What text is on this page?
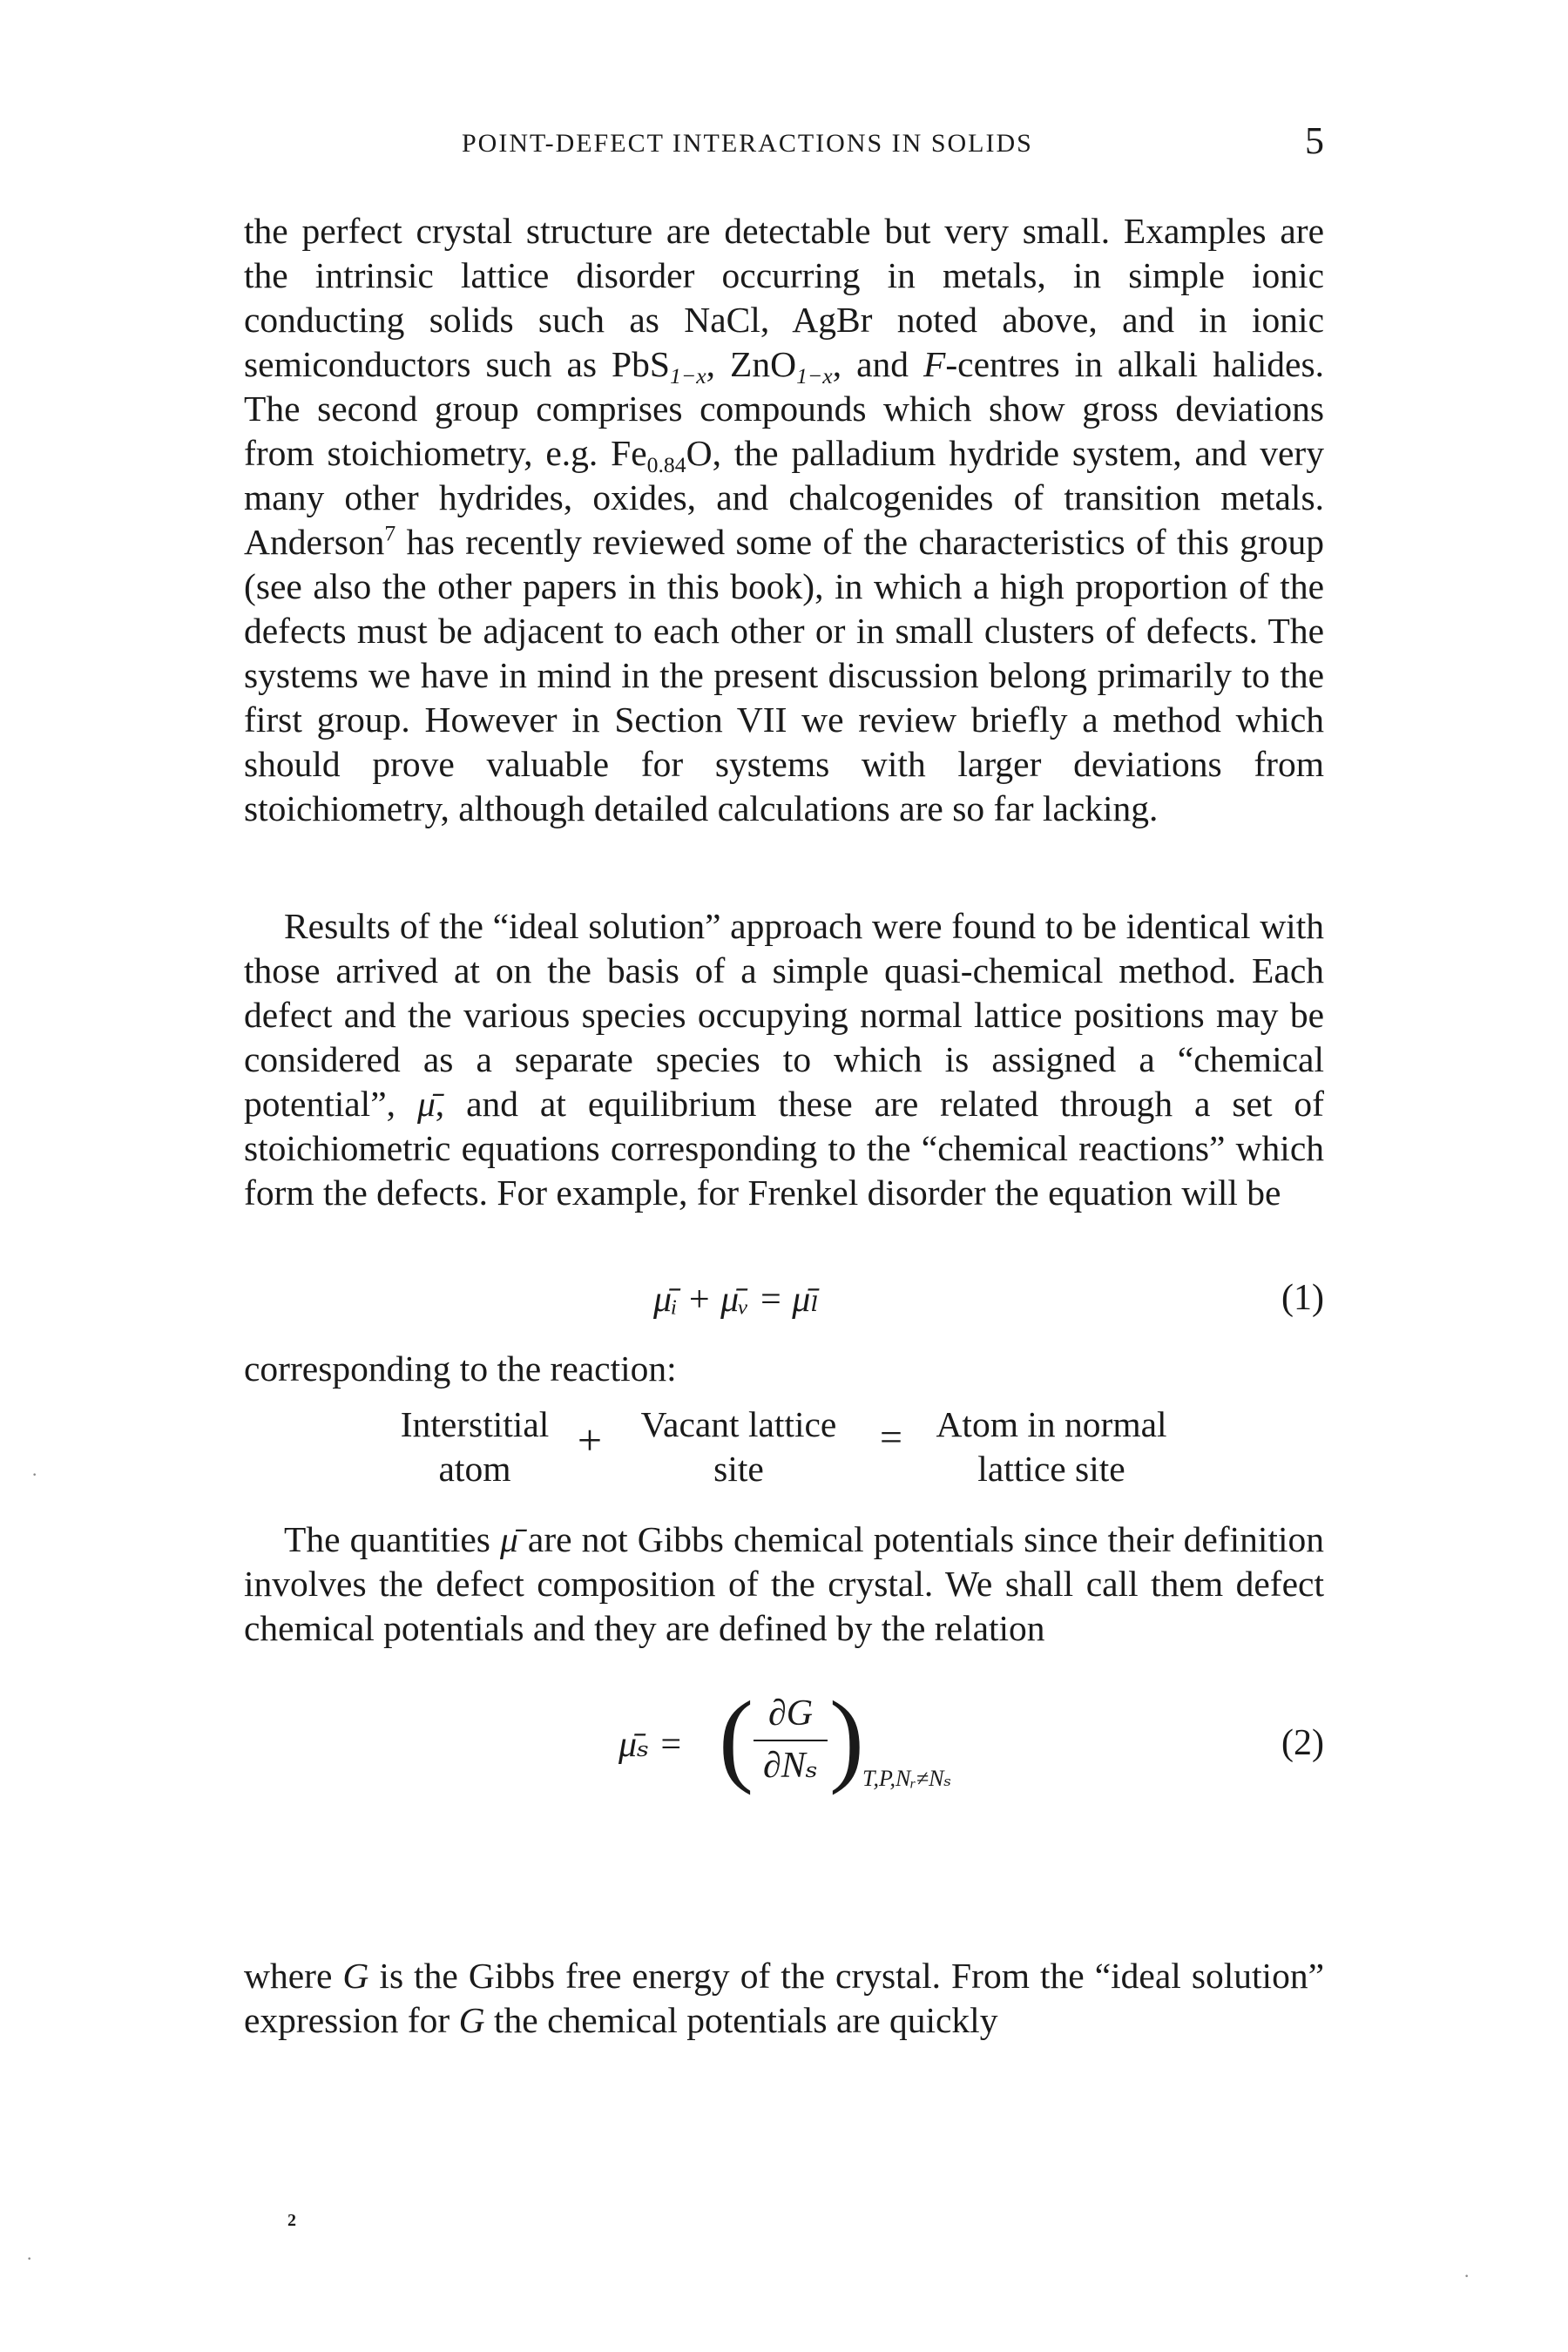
POINT-DEFECT INTERACTIONS IN SOLIDS	5

the perfect crystal structure are detectable but very small. Examples are the intrinsic lattice disorder occurring in metals, in simple ionic conducting solids such as NaCl, AgBr noted above, and in ionic semiconductors such as PbS$_{1-x}$, ZnO$_{1-x}$, and F-centres in alkali halides. The second group comprises compounds which show gross deviations from stoichiometry, e.g. $Fe_{0.84}O$, the palladium hydride system, and very many other hydrides, oxides, and chalcogenides of transition metals. Anderson$^7$ has recently reviewed some of the characteristics of this group (see also the other papers in this book), in which a high proportion of the defects must be adjacent to each other or in small clusters of defects. The systems we have in mind in the present discussion belong primarily to the first group. However in Section VII we review briefly a method which should prove valuable for systems with larger deviations from stoichiometry, although detailed calculations are so far lacking.

Results of the “ideal solution” approach were found to be identical with those arrived at on the basis of a simple quasi-chemical method. Each defect and the various species occupying normal lattice positions may be considered as a separate species to which is assigned a “chemical potential”, μ̄, and at equilibrium these are related through a set of stoichiometric equations corresponding to the “chemical reactions” which form the defects. For example, for Frenkel disorder the equation will be

μ̄ᵢ + μ̄ᵥ = μ̄ₗ	(1)

corresponding to the reaction:

Interstitial
atom
+	Vacant lattice
site
= Atom in normal
lattice site

The quantities μ̄ are not Gibbs chemical potentials since their definition involves the defect composition of the crystal. We shall call them defect chemical potentials and they are defined by the relation

μ̄ₛ = ( ∂G
∂Nₛ )
T,P,Nᵣ≠Nₛ
(2)

where G is the Gibbs free energy of the crystal. From the “ideal solution” expression for G the chemical potentials are quickly

2
·
·
·
